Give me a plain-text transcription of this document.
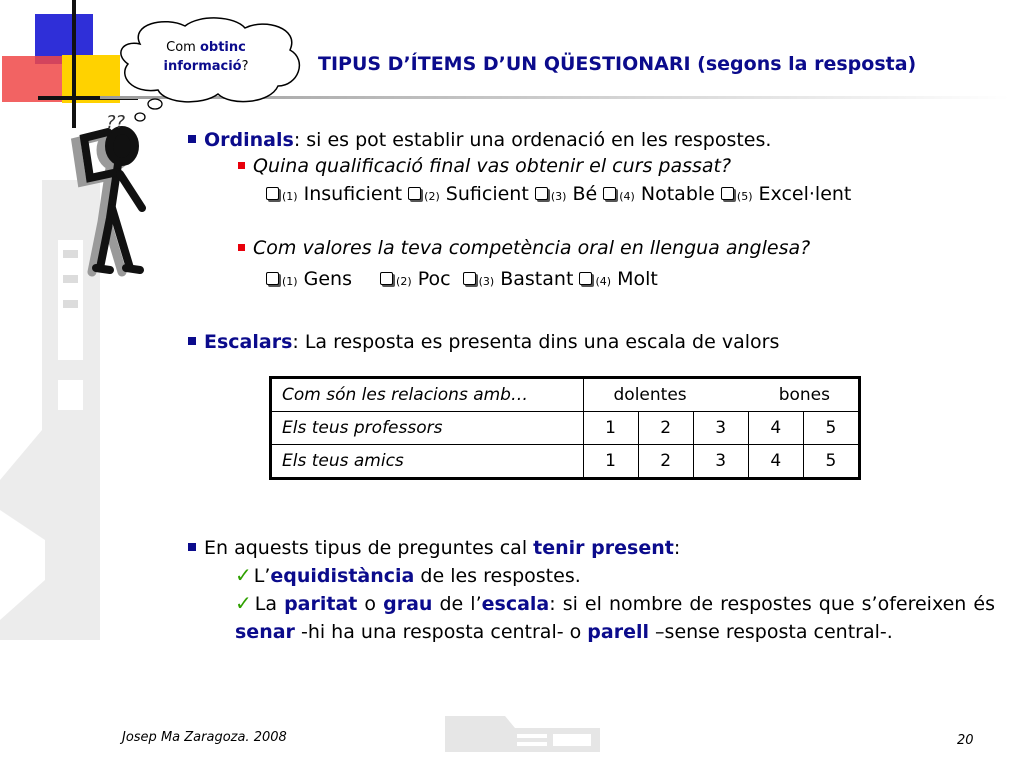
Com obtinc
informació?
??
TIPUS D’ÍTEMS D’UN QÜESTIONARI (segons la resposta)
Ordinals: si es pot establir una ordenació en les respostes.
Quina qualificació final vas obtenir el curs passat?
(1) Insuficient (2) Suficient (3) Bé (4) Notable (5) Excel·lent
Com valores la teva competència oral en llengua anglesa?
(1) Gens	(2) Poc	(3) Bastant (4) Molt
Escalars: La resposta es presenta dins una escala de valors
Com són les relacions amb…	dolentes bones				

Els teus professors	1	2	3	4	5
Els teus amics	1	2	3	4	5
En aquests tipus de preguntes cal tenir present:
✓ L’equidistància de les respostes.
✓ La paritat o grau de l’escala: si el nombre de respostes que s’ofereixen és senar -hi ha una resposta central- o parell –sense resposta central-.
Josep Ma Zaragoza. 2008	20
